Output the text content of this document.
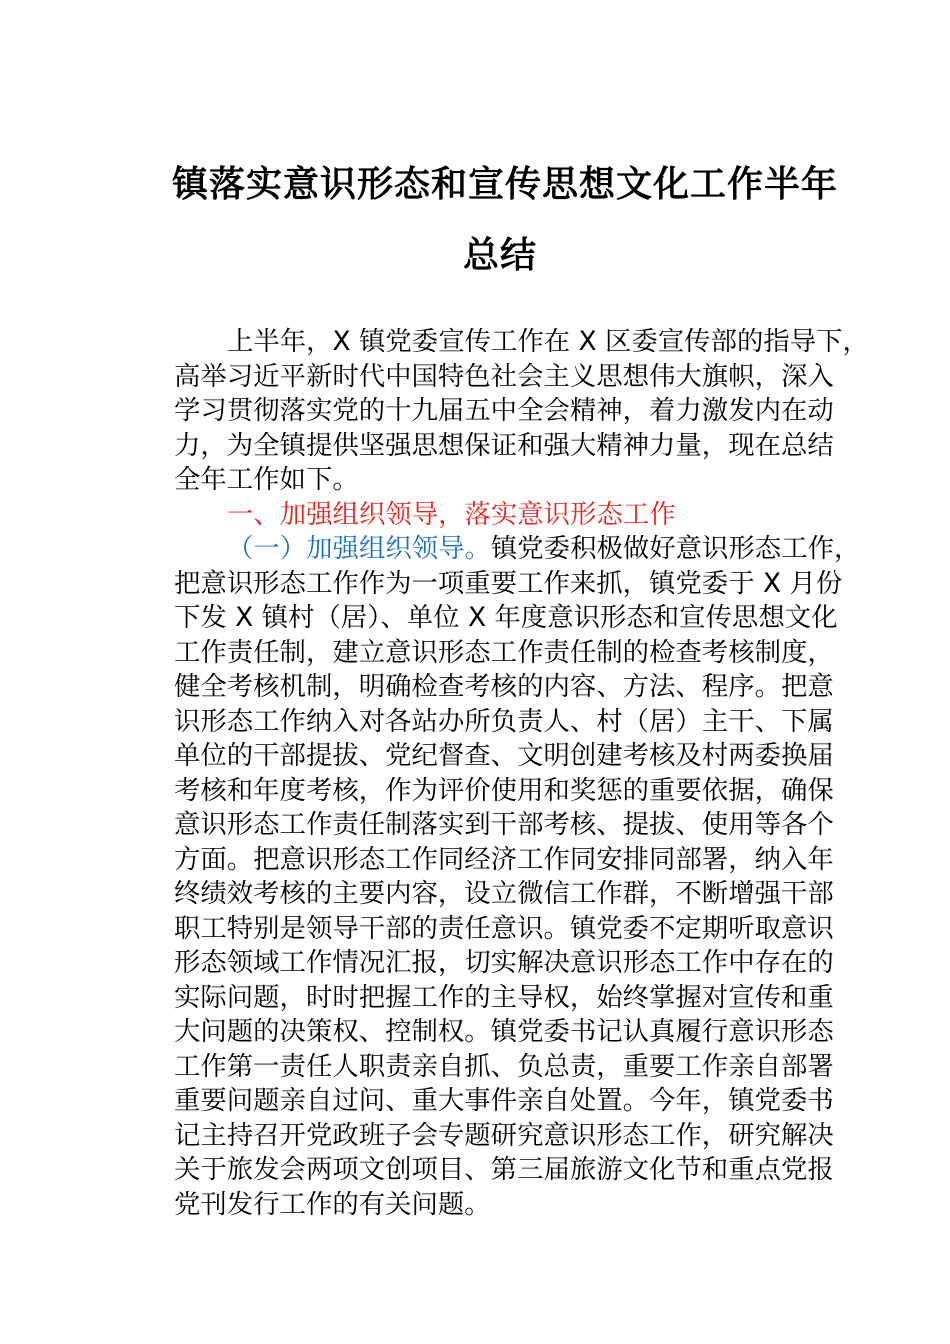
镇落实意识形态和宣传思想文化工作半年
总结
上半年，X 镇党委宣传工作在 X 区委宣传部的指导下，
高举习近平新时代中国特色社会主义思想伟大旗帜，深入
学习贯彻落实党的十九届五中全会精神，着力激发内在动
力，为全镇提供坚强思想保证和强大精神力量，现在总结
全年工作如下。
一、加强组织领导，落实意识形态工作
（一）加强组织领导。镇党委积极做好意识形态工作，
把意识形态工作作为一项重要工作来抓，镇党委于 X 月份
下发 X 镇村（居）、单位 X 年度意识形态和宣传思想文化
工作责任制，建立意识形态工作责任制的检查考核制度，
健全考核机制，明确检查考核的内容、方法、程序。把意
识形态工作纳入对各站办所负责人、村（居）主干、下属
单位的干部提拔、党纪督查、文明创建考核及村两委换届
考核和年度考核，作为评价使用和奖惩的重要依据，确保
意识形态工作责任制落实到干部考核、提拔、使用等各个
方面。把意识形态工作同经济工作同安排同部署，纳入年
终绩效考核的主要内容，设立微信工作群，不断增强干部
职工特别是领导干部的责任意识。镇党委不定期听取意识
形态领域工作情况汇报，切实解决意识形态工作中存在的
实际问题，时时把握工作的主导权，始终掌握对宣传和重
大问题的决策权、控制权。镇党委书记认真履行意识形态
工作第一责任人职责亲自抓、负总责，重要工作亲自部署
重要问题亲自过问、重大事件亲自处置。今年，镇党委书
记主持召开党政班子会专题研究意识形态工作，研究解决
关于旅发会两项文创项目、第三届旅游文化节和重点党报
党刊发行工作的有关问题。
